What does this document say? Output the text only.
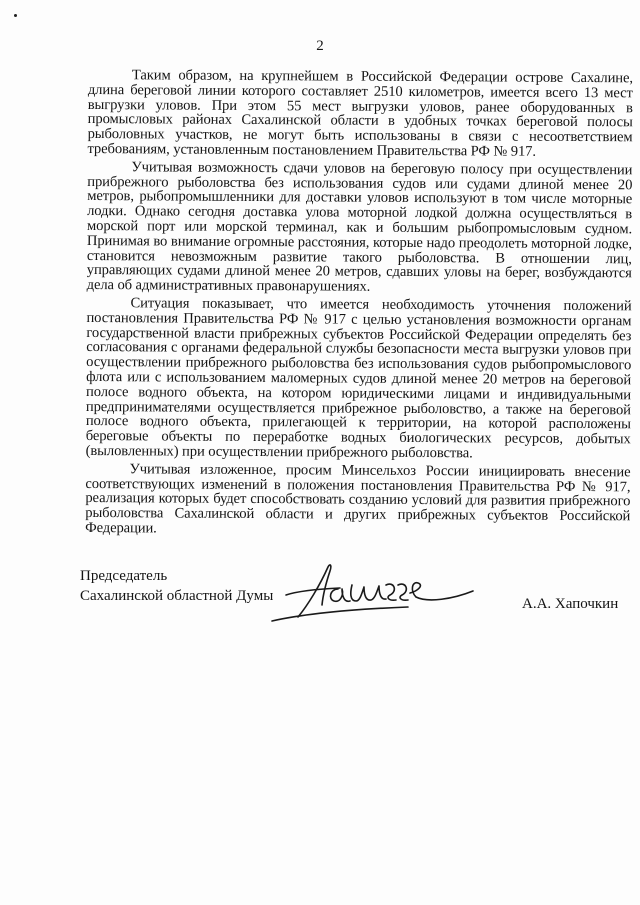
2

Таким образом, на крупнейшем в Российской Федерации острове Сахалине, длина береговой линии которого составляет 2510 километров, имеется всего 13 мест выгрузки уловов. При этом 55 мест выгрузки уловов, ранее оборудованных в промысловых районах Сахалинской области в удобных точках береговой полосы рыболовных участков, не могут быть использованы в связи с несоответствием требованиям, установленным постановлением Правительства РФ № 917.

Учитывая возможность сдачи уловов на береговую полосу при осуществлении прибрежного рыболовства без использования судов или судами длиной менее 20 метров, рыбопромышленники для доставки уловов используют в том числе моторные лодки. Однако сегодня доставка улова моторной лодкой должна осуществляться в морской порт или морской терминал, как и большим рыбопромысловым судном. Принимая во внимание огромные расстояния, которые надо преодолеть моторной лодке, становится невозможным развитие такого рыболовства. В отношении лиц, управляющих судами длиной менее 20 метров, сдавших уловы на берег, возбуждаются дела об административных правонарушениях.

Ситуация показывает, что имеется необходимость уточнения положений постановления Правительства РФ № 917 с целью установления возможности органам государственной власти прибрежных субъектов Российской Федерации определять без согласования с органами федеральной службы безопасности места выгрузки уловов при осуществлении прибрежного рыболовства без использования судов рыбопромыслового флота или с использованием маломерных судов длиной менее 20 метров на береговой полосе водного объекта, на котором юридическими лицами и индивидуальными предпринимателями осуществляется прибрежное рыболовство, а также на береговой полосе водного объекта, прилегающей к территории, на которой расположены береговые объекты по переработке водных биологических ресурсов, добытых (выловленных) при осуществлении прибрежного рыболовства.

Учитывая изложенное, просим Минсельхоз России инициировать внесение соответствующих изменений в положения постановления Правительства РФ № 917, реализация которых будет способствовать созданию условий для развития прибрежного рыболовства Сахалинской области и других прибрежных субъектов Российской Федерации.

Председатель
Сахалинской областной Думы	А.А. Хапочкин
